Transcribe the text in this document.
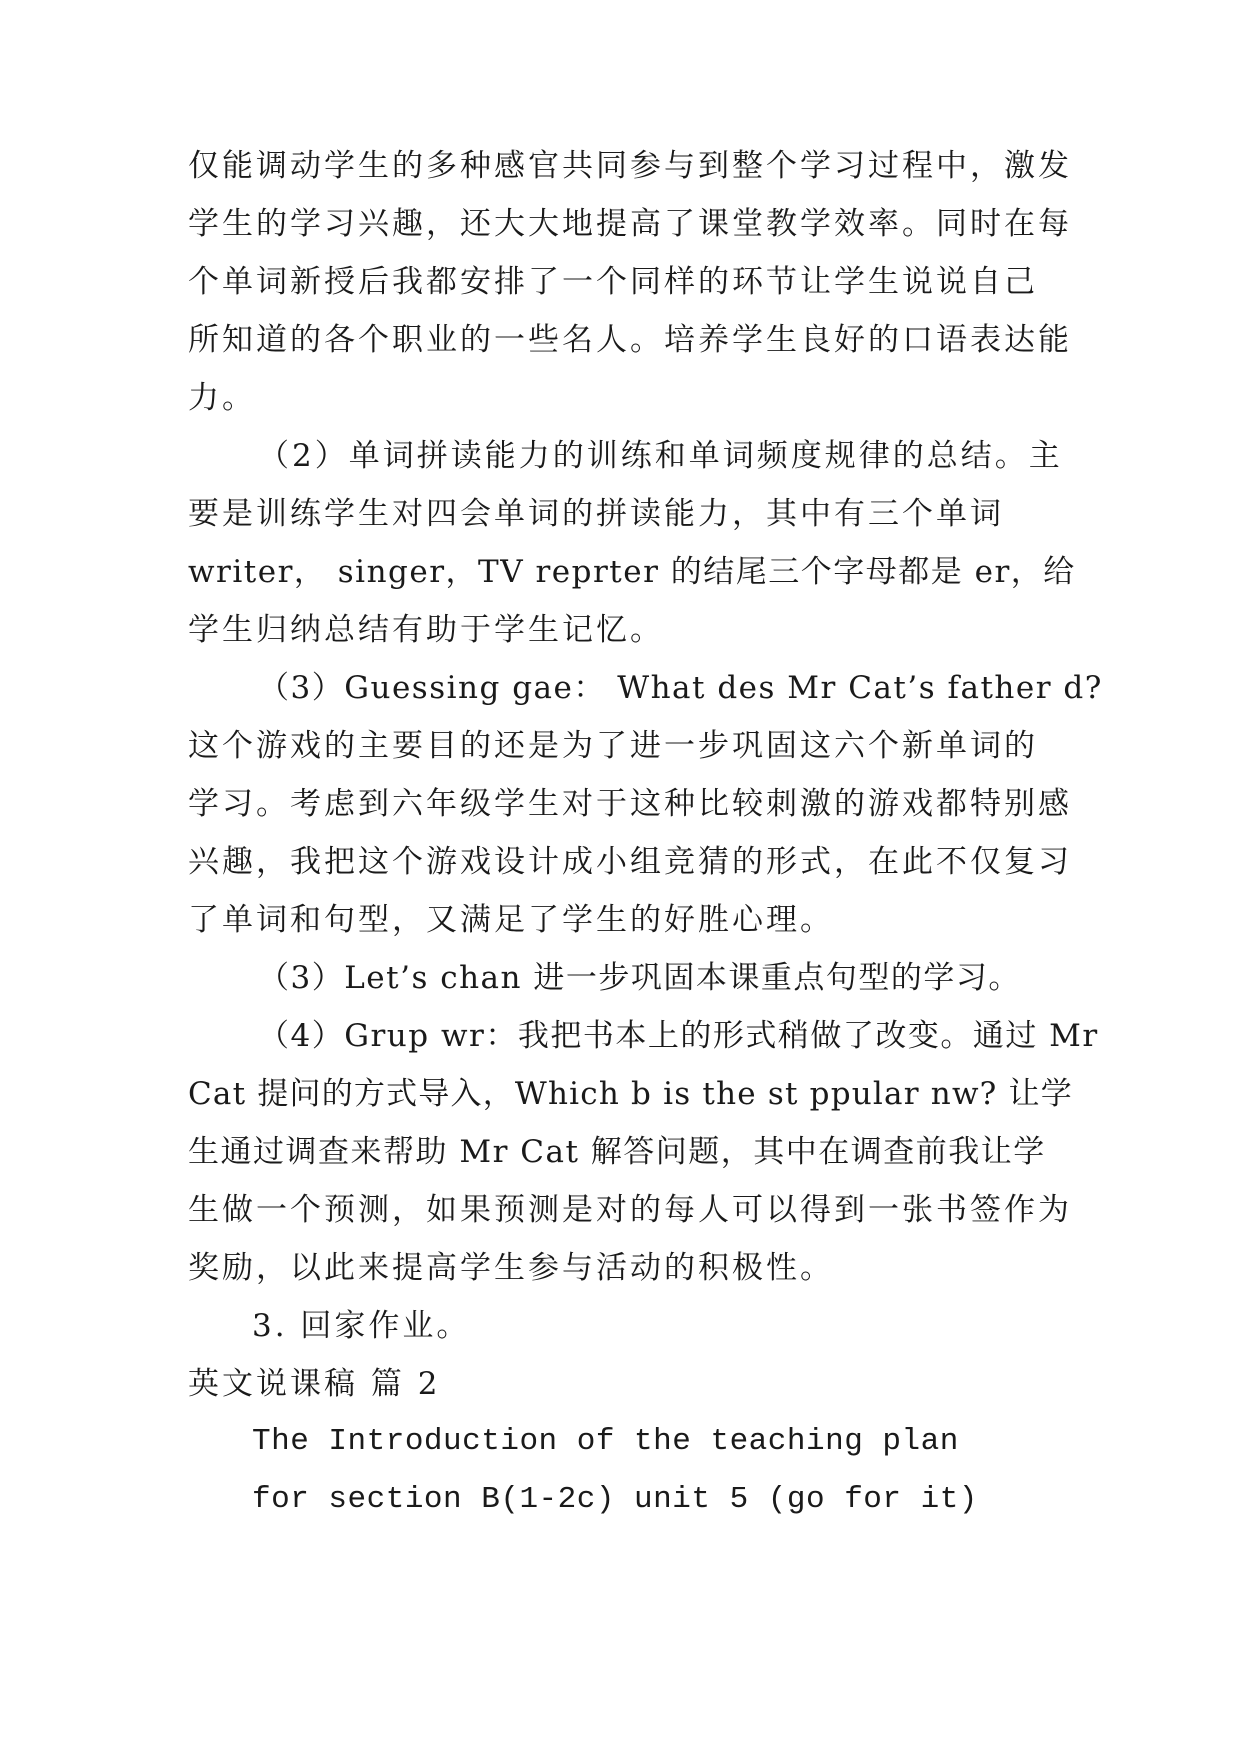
仅能调动学生的多种感官共同参与到整个学习过程中，激发
学生的学习兴趣，还大大地提高了课堂教学效率。同时在每
个单词新授后我都安排了一个同样的环节让学生说说自己
所知道的各个职业的一些名人。培养学生良好的口语表达能
力。
（2）单词拼读能力的训练和单词频度规律的总结。主
要是训练学生对四会单词的拼读能力，其中有三个单词
writer， singer，TV reprter 的结尾三个字母都是 er，给
学生归纳总结有助于学生记忆。
（3）Guessing gae： What des Mr Cat’s father d?
这个游戏的主要目的还是为了进一步巩固这六个新单词的
学习。考虑到六年级学生对于这种比较刺激的游戏都特别感
兴趣，我把这个游戏设计成小组竞猜的形式，在此不仅复习
了单词和句型，又满足了学生的好胜心理。
（3）Let’s chan 进一步巩固本课重点句型的学习。
（4）Grup wr：我把书本上的形式稍做了改变。通过 Mr
Cat 提问的方式导入，Which b is the st ppular nw? 让学
生通过调查来帮助 Mr Cat 解答问题，其中在调查前我让学
生做一个预测，如果预测是对的每人可以得到一张书签作为
奖励，以此来提高学生参与活动的积极性。
3. 回家作业。
英文说课稿 篇 2
The Introduction of the teaching plan
for section B(1-2c) unit 5 (go for it)
